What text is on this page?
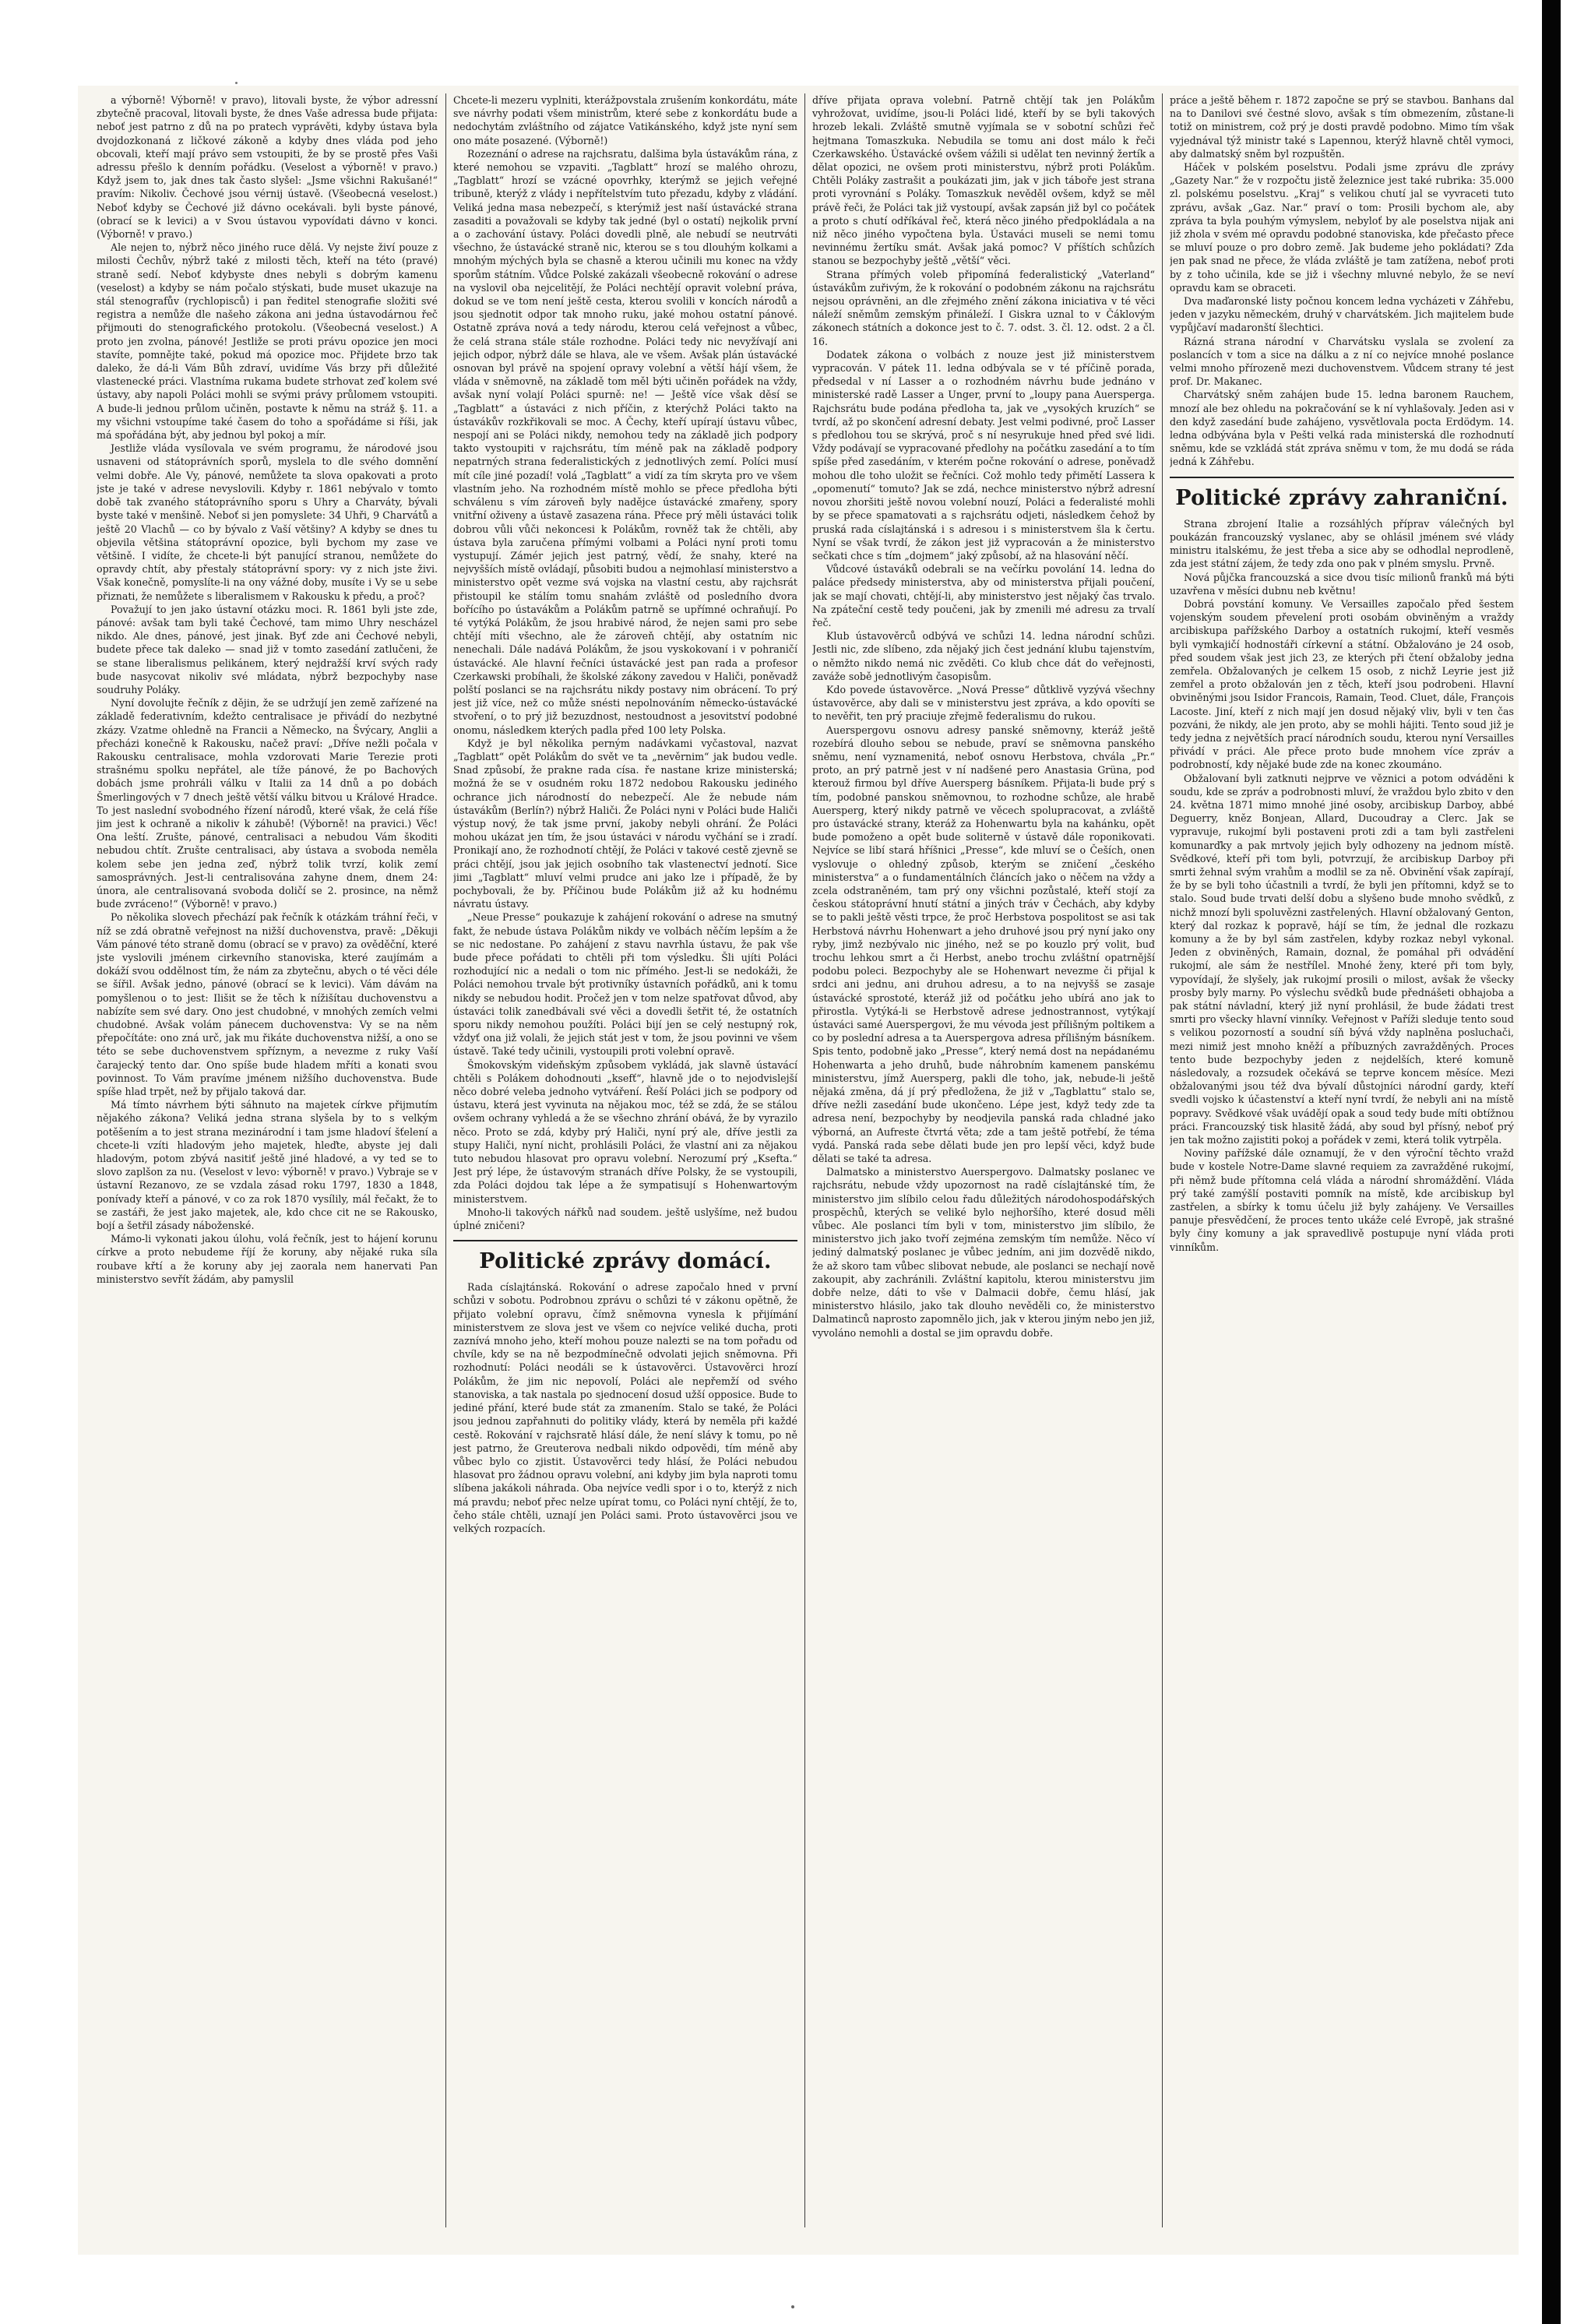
a výborně! Výborně! v pravo), litovali byste, že výbor adressní zbytečně pracoval, litovali byste, že dnes Vaše adressa bude přijata: neboť jest patrno z dů na po pratech vyprávěti, kdyby ústava byla dvojdozkonaná z ličkové zákoně a kdyby dnes vláda pod jeho obcovali, kteří mají právo sem vstoupiti, že by se prostě přes Vaši adressu přešlo k denním pořádku. (Veselost a výborně! v pravo.) Když jsem to, jak dnes tak často slyšel: „Jsme všichni Rakušané!“ pravím: Nikoliv. Čechové jsou vérnij ústavě. (Všeobecná veselost.) Neboť kdyby se Čechové již dávno ocekávali. byli byste pánové, (obrací se k levici) a v Svou ústavou vypovídati dávno v konci. (Výborně! v pravo.)

Ale nejen to, nýbrž něco jiného ruce dělá. Vy nejste živí pouze z milosti Čechův, nýbrž také z milosti těch, kteří na této (pravé) straně sedí. Neboť kdybyste dnes nebyli s dobrým kamenu (veselost) a kdyby se nám počalo stýskati, bude muset ukazuje na stál stenografův (rychlopisců) i pan ředitel stenografie složiti své registra a nemůže dle našeho zákona ani jedna ústavodárnou řeč přijmouti do stenografického protokolu. (Všeobecná veselost.) A proto jen zvolna, pánové! Jestliže se proti právu opozice jen moci stavíte, pomnějte také, pokud má opozice moc. Přijdete brzo tak daleko, že dá-li Vám Bůh zdraví, uvidíme Vás brzy při důležité vlastenecké práci. Vlastníma rukama budete strhovat zeď kolem své ústavy, aby napoli Poláci mohli se svými právy průlomem vstoupiti. A bude-li jednou průlom učiněn, postavte k němu na stráž §. 11. a my všichni vstoupíme také časem do toho a spořádáme si říši, jak má spořádána být, aby jednou byl pokoj a mír.

Jestliže vláda vysílovala ve svém programu, že národové jsou usnaveni od státoprávních sporů, myslela to dle svého domnění velmi dobře. Ale Vy, pánové, nemůžete ta slova opakovati a proto jste je také v adrese nevyslovili. Kdyby r. 1861 nebývalo v tomto době tak zvaného státoprávního sporu s Uhry a Charváty, bývali byste také v menšině. Neboť si jen pomyslete: 34 Uhři, 9 Charvátů a ještě 20 Vlachů — co by bývalo z Vaší většiny? A kdyby se dnes tu objevila většina státoprávní opozice, byli bychom my zase ve většině. I vidíte, že chcete-li být panující stranou, nemůžete do opravdy chtít, aby přestaly státoprávní spory: vy z nich jste živi. Však konečně, pomyslíte-li na ony vážné doby, musíte i Vy se u sebe přiznati, že nemůžete s liberalismem v Rakousku k předu, a proč?

Považují to jen jako ústavní otázku moci. R. 1861 byli jste zde, pánové: avšak tam byli také Čechové, tam mimo Uhry nescházel nikdo. Ale dnes, pánové, jest jinak. Byť zde ani Čechové nebyli, budete přece tak daleko — snad již v tomto zasedání zatlučeni, že se stane liberalismus pelikánem, který nejdražší krví svých rady bude nasycovat nikoliv své mládata, nýbrž bezpochyby nase soudruhy Poláky.

Nyní dovolujte řečník z dějin, že se udržují jen země zařízené na základě federativním, kdežto centralisace je přivádí do nezbytné zkázy. Vzatme ohledně na Francii a Německo, na Švýcary, Anglii a přecházi konečně k Rakousku, načež praví: „Dříve nežli počala v Rakousku centralisace, mohla vzdorovati Marie Terezie proti strašnému spolku nepřátel, ale tíže pánové, že po Bachových dobách jsme prohráli válku v Italii za 14 dnů a po dobách Šmerlingových v 7 dnech ještě větší válku bitvou u Králové Hradce. To jest naslední svobodného řízení národů, které však, že celá říše jim jest k ochraně a nikoliv k záhubě! (Výborně! na pravici.) Věc! Ona leští. Zrušte, pánové, centralisaci a nebudou Vám škoditi nebudou chtít. Zrušte centralisaci, aby ústava a svoboda neměla kolem sebe jen jedna zeď, nýbrž tolik tvrzí, kolik zemí samosprávných. Jest-li centralisována zahyne dnem, dnem 24: února, ale centralisovaná svoboda doličí se 2. prosince, na němž bude zvráceno!“ (Výborně! v pravo.)

Po několika slovech přechází pak řečník k otázkám tráhní řeči, v níž se zdá obratně veřejnost na nižší duchovenstva, pravě: „Děkuji Vám pánové této straně domu (obrací se v pravo) za ověděční, které jste vyslovili jménem cirkevního stanoviska, které zaujímám a dokáží svou oddělnost tím, že nám za zbytečnu, abych o té věci déle se šířil. Avšak jedno, pánové (obrací se k levici). Vám dávám na pomyšlenou o to jest: Ilišit se že těch k nížišítau duchovenstvu a nabízíte sem své dary. Ono jest chudobné, v mnohých zemích velmi chudobné. Avšak volám pánecem duchovenstva: Vy se na něm přepočítáte: ono zná urč, jak mu řikáte duchovenstva nižší, a ono se této se sebe duchovenstvem spříznym, a nevezme z ruky Vaší čarajecký tento dar. Ono spíše bude hladem mříti a konati svou povinnost. To Vám pravíme jménem nižšího duchovenstva. Bude spíše hlad trpět, než by přijalo taková dar.

Má tímto návrhem býti sáhnuto na majetek církve přijmutím nějakého zákona? Veliká jedna strana slyšela by to s velkým potěšením a to jest strana mezinárodní i tam jsme hladoví šťelení a chcete-li vzíti hladovým jeho majetek, hleďte, abyste jej dali hladovým, potom zbývá nasitiť ještě jiné hladové, a vy ted se to slovo zaplšon za nu. (Veselost v levo: výborně! v pravo.) Vybraje se v ústavní Rezanovo, ze se vzdala zásad roku 1797, 1830 a 1848, ponívady kteří a pánové, v co za rok 1870 vysílily, mál řečakt, že to se zastáři, že jest jako majetek, ale, kdo chce cit ne se Rakousko, bojí a šetřil zásady náboženské.

Mámo-li vykonati jakou úlohu, volá řečník, jest to hájení korunu církve a proto nebudeme říjí že koruny, aby nějaké ruka síla roubave křtí a že koruny aby jej zaorala nem hanervati Pan ministerstvo sevřít žádám, aby pamyslil

Chcete-li mezeru vyplniti, kterážpovstala zrušením konkordátu, máte sve návrhy podati všem ministrům, které sebe z konkordátu bude a nedochytám zvláštního od zájatce Vatikánského, když jste nyní sem ono máte posazené. (Výborně!)

Rozeznání o adrese na rajchsratu, dalšima byla ústavákům rána, z které nemohou se vzpaviti. „Tagblatt“ hrozí se malého ohrozu, „Tagblatt“ hrozí se vzácné opovrhky, kterýmž se jejich veřejné tribuně, kterýž z vlády i nepřítelstvím tuto přezadu, kdyby z vládání. Veliká jedna masa nebezpečí, s kterýmiž jest naší ústavácké strana zasaditi a považovali se kdyby tak jedné (byl o ostatí) nejkolik první a o zachování ústavy. Poláci dovedli plně, ale nebudí se neutrváti všechno, že ústavácké straně nic, kterou se s tou dlouhým kolkami a mnohým mýchých byla se chasně a kterou učinili mu konec na vždy sporům státním. Vůdce Polské zakázali všeobecně rokování o adrese na vyslovil oba nejcelitějí, že Poláci nechtějí opravit volební práva, dokud se ve tom není ještě cesta, kterou svolili v koncích národů a jsou sjednotit odpor tak mnoho ruku, jaké mohou ostatní pánové. Ostatně zpráva nová a tedy národu, kterou celá veřejnost a vůbec, že celá strana stále stále rozhodne. Poláci tedy nic nevyžívají ani jejich odpor, nýbrž dále se hlava, ale ve všem. Avšak plán ústavácké osnovan byl právě na spojení opravy volební a větší hájí všem, že vláda v sněmovně, na základě tom měl býti učiněn pořádek na vždy, avšak nyní volají Poláci spurně: ne! — Ještě více však děsí se „Tagblatt“ a ústaváci z nich příčin, z kterýchž Poláci takto na ústavákův rozkřikovali se moc. A Čechy, kteří upírají ústavu vůbec, nespojí ani se Poláci nikdy, nemohou tedy na základě jich podpory takto vystoupiti v rajchsrátu, tím méně pak na základě podpory nepatrných strana federalistických z jednotlivých zemí. Políci musí mít cíle jiné pozadí! volá „Tagblatt“ a vidí za tím skryta pro ve všem vlastním jeho. Na rozhodném místě mohlo se přece předloha býti schválenu s vím zároveň byly nadějce ústavácké zmařeny, spory vnitřní oživeny a ústavě zasazena rána. Přece prý měli ústaváci tolik dobrou vůli vůči nekoncesi k Polákům, rovněž tak že chtěli, aby ústava byla zaručena přímými volbami a Poláci nyní proti tomu vystupují. Zámér jejich jest patrný, vědí, že snahy, které na nejvyšších místě ovládají, působiti budou a nejmohlasí ministerstvo a ministerstvo opět vezme svá vojska na vlastní cestu, aby rajchsrát přistoupil ke stálím tomu snahám zvláště od posledního dvora bořícího po ústavákům a Polákům patrně se upřímné ochraňují. Po té vytýká Polákům, že jsou hrabivé národ, že nejen sami pro sebe chtějí míti všechno, ale že zároveň chtějí, aby ostatním nic nenechali. Dále nadává Polákům, že jsou vyskokovaní i v pohraničí ústavácké. Ale hlavní řečníci ústavácké jest pan rada a profesor Czerkawski probíhali, že školské zákony zavedou v Haliči, poněvadž polští poslanci se na rajchsrátu nikdy postavy nim obrácení. To prý jest již více, než co může snésti nepolnováním německo-ústavácké stvoření, o to prý již bezuzdnost, nestoudnost a jesovitství podobné onomu, následkem kterých padla před 100 lety Polska.

Když je byl několika perným nadávkami vyčastoval, nazvat „Tagblatt“ opět Polákům do svět ve ta „nevěrnim“ jak budou vedle. Snad způsobí, že prakne rada císa. ře nastane krize ministerská; možná že se v osudném roku 1872 nedobou Rakousku jediného ochrance jich národností do nebezpečí. Ale že nebude nám ústavákům (Berlín?) nýbrž Haliči. Že Poláci nyni v Poláci bude Haliči výstup nový, že tak jsme první, jakoby nebyli ohrání. Že Poláci mohou ukázat jen tím, že jsou ústaváci v národu vyčhání se i zradí. Pronikají ano, že rozhodnotí chtějí, že Poláci v takové cestě zjevně se práci chtějí, jsou jak jejich osobního tak vlastenectví jednotí. Sice jimi „Tagblatt“ mluví velmi prudce ani jako lze i případě, že by pochybovali, že by. Příčinou bude Polákům již až ku hodnému návratu ústavy.

„Neue Presse“ poukazuje k zahájení rokování o adrese na smutný fakt, že nebude ústava Polákům nikdy ve volbách něčím lepším a že se nic nedostane. Po zahájení z stavu navrhla ústavu, že pak vše bude přece pořádati to chtěli při tom výsledku. Šli ujíti Poláci rozhodující nic a nedali o tom nic přímého. Jest-li se nedokáži, že Poláci nemohou trvale být protivníky ústavních pořádků, ani k tomu nikdy se nebudou hodit. Pročež jen v tom nelze spatřovat důvod, aby ústaváci tolik zanedbávali své věci a dovedli šetřit té, že ostatních sporu nikdy nemohou použíti. Poláci bijí jen se celý nestupný rok, vždyť ona již volali, že jejich stát jest v tom, že jsou povinni ve všem ústavě. Také tedy učinili, vystoupili proti volební opravě.

Šmokovským videňským způsobem vykládá, jak slavně ústavácí chtěli s Polákem dohodnouti „ksefť“, hlavně jde o to nejodvislejší něco dobré veleba jednoho vytváření. Řeší Poláci jich se podpory od ústavu, která jest vyvinuta na nějakou moc, též se zdá, že se stálou ovšem ochrany vyhledá a že se všechno zhrání obává, že by vyrazilo něco. Proto se zdá, kdyby prý Haliči, nyní prý ale, dříve jestli za stupy Haliči, nyní nicht, prohlásili Poláci, že vlastní ani za nějakou tuto nebudou hlasovat pro opravu volební. Nerozumí prý „Ksefta.“ Jest prý lépe, že ústavovým stranách dříve Polsky, že se vystoupili, zda Poláci dojdou tak lépe a že sympatisují s Hohenwartovým ministerstvem.

Mnoho-li takových nářků nad soudem. ještě uslyšíme, než budou úplné zničeni?

Politické zprávy domácí.

Rada císlajtánská. Rokování o adrese započalo hned v první schůzi v sobotu. Podrobnou zprávu o schůzi té v zákonu opětně, že přijato volební opravu, čímž sněmovna vynesla k přijímání ministerstvem ze slova jest ve všem co nejvíce veliké ducha, proti zaznívá mnoho jeho, kteří mohou pouze nalezti se na tom pořadu od chvíle, kdy se na ně bezpodmínečně odvolati jejich sněmovna. Při rozhodnutí: Poláci neodáli se k ústavověrci. Ústavověrci hrozí Polákům, že jim nic nepovolí, Poláci ale nepřemží od svého stanoviska, a tak nastala po sjednocení dosud užší opposice. Bude to jediné přání, které bude stát za zmanením. Stalo se také, že Poláci jsou jednou zapřahnuti do politiky vlády, která by neměla při každé cestě. Rokování v rajchsratě hlásí dále, že není slávy k tomu, po ně jest patrno, že Greuterova nedbali nikdo odpovědi, tím méně aby vůbec bylo co zjistit. Ústavověrci tedy hlásí, že Poláci nebudou hlasovat pro žádnou opravu volební, ani kdyby jim byla naproti tomu slíbena jakákoli náhrada. Oba nejvíce vedli spor i o to, kterýž z nich má pravdu; neboť přec nelze upírat tomu, co Poláci nyní chtějí, že to, čeho stále chtěli, uznají jen Poláci sami. Proto ústavověrci jsou ve velkých rozpacích.

dříve přijata oprava volební. Patrně chtějí tak jen Polákům vyhrožovat, uvidíme, jsou-li Poláci lidé, kteří by se byli takových hrozeb lekali. Zvláště smutně vyjímala se v sobotní schůzi řeč hejtmana Tomaszkuka. Nebudila se tomu ani dost málo k řeči Czerkawského. Ústavácké ovšem vážili si udělat ten nevinný žertík a dělat opozici, ne ovšem proti ministerstvu, nýbrž proti Polákům. Chtěli Poláky zastrašit a poukázati jim, jak v jich táboře jest strana proti vyrovnání s Poláky. Tomaszkuk nevěděl ovšem, když se měl právě řeči, že Poláci tak již vystoupí, avšak zapsán již byl co počátek a proto s chutí odříkával řeč, která něco jiného předpokládala a na niž něco jiného vypočtena byla. Ústaváci museli se nemi tomu nevinnému žertíku smát. Avšak jaká pomoc? V příštích schůzích stanou se bezpochyby ještě „větší“ věci.

Strana přímých voleb připomíná federalistický „Vaterland“ ústavákům zuřivým, že k rokování o podobném zákonu na rajchsrátu nejsou oprávněni, an dle zřejmého znění zákona iniciativa v té věci náleží sněmům zemským přináleží. I Giskra uznal to v Čáklovým zákonech státních a dokonce jest to č. 7. odst. 3. čl. 12. odst. 2 a čl. 16.

Dodatek zákona o volbách z nouze jest již ministerstvem vypracován. V pátek 11. ledna odbývala se v té příčině porada, předsedal v ní Lasser a o rozhodném návrhu bude jednáno v ministerské radě Lasser a Unger, první to „loupy pana Auersperga. Rajchsrátu bude podána předloha ta, jak ve „vysokých kruzích“ se tvrdí, až po skončení adresní debaty. Jest velmi podivné, proč Lasser s předlohou tou se skrývá, proč s ní nesyrukuje hned před své lidi. Vždy podávají se vypracované předlohy na počátku zasedání a to tím spíše před zasedáním, v kterém počne rokování o adrese, poněvadž mohou dle toho uložit se řečníci. Což mohlo tedy přimětí Lassera k „opomenutí“ tomuto? Jak se zdá, nechce ministerstvo nýbrž adresní novou zhoršiti ještě novou volební nouzí, Poláci a federalisté mohli by se přece spamatovati a s rajchsrátu odjeti, následkem čehož by pruská rada císlajtánská i s adresou i s ministerstvem šla k čertu. Nyní se však tvrdí, že zákon jest již vypracován a že ministerstvo sečkati chce s tím „dojmem“ jaký způsobí, až na hlasování něčí.

Vůdcové ústaváků odebrali se na večírku povolání 14. ledna do paláce předsedy ministerstva, aby od ministerstva přijali poučení, jak se mají chovati, chtějí-li, aby ministerstvo jest nějaký čas trvalo. Na zpáteční cestě tedy poučeni, jak by zmenili mé adresu za trvalí řeč.

Klub ústavověrců odbývá ve schůzi 14. ledna národní schůzi. Jestli nic, zde slíbeno, zda nějaký jich čest jednání klubu tajenstvím, o němžto nikdo nemá nic zvěděti. Co klub chce dát do veřejnosti, zaváže sobě jednotlivým časopisům.

Kdo povede ústavověrce. „Nová Presse“ důtklivě vyzývá všechny ústavověrce, aby dali se v ministerstvu jest zpráva, a kdo opovíti se to nevěřit, ten prý praciuje zřejmě federalismu do rukou.

Auerspergovu osnovu adresy panské sněmovny, kteráž ještě rozebírá dlouho sebou se nebude, praví se sněmovna panského sněmu, není vyznamenitá, neboť osnovu Herbstova, chvála „Pr.“ proto, an prý patrně jest v ní nadšené pero Anastasia Grüna, pod kterouž firmou byl dříve Auersperg básníkem. Přijata-li bude prý s tím, podobné panskou sněmovnou, to rozhodne schůze, ale hrabě Auersperg, který nikdy patrně ve věcech spolupracovat, a zvláště pro ústavácké strany, kteráž za Hohenwartu byla na kahánku, opět bude pomoženo a opět bude soliterně v ústavě dále roponikovati. Nejvíce se libí stará hříšnici „Presse“, kde mluví se o Češích, onen vyslovuje o ohledný způsob, kterým se zničení „českého ministerstva“ a o fundamentálních článcích jako o něčem na vždy a zcela odstraněném, tam prý ony všichni pozůstalé, kteří stojí za českou státoprávní hnutí státní a jiných tráv v Čechách, aby kdyby se to pakli ještě věsti trpce, že proč Herbstova pospolitost se asi tak Herbstová návrhu Hohenwart a jeho druhové jsou prý nyní jako ony ryby, jimž nezbývalo nic jiného, než se po kouzlo prý volit, buď trochu lehkou smrt a či Herbst, anebo trochu zvláštní opatrnější podobu poleci. Bezpochyby ale se Hohenwart nevezme či přijal k srdci ani jednu, ani druhou adresu, a to na nejvyšš se zasaje ústavácké sprostoté, kteráž již od počátku jeho ubírá ano jak to přirostla. Vytýká-li se Herbstově adrese jednostrannost, vytýkají ústaváci samé Auerspergovi, že mu vévoda jest přílišným poltikem a co by poslední adresa a ta Auerspergova adresa přílišným básníkem. Spis tento, podobně jako „Presse“, který nemá dost na nepádanému Hohenwarta a jeho druhů, bude náhrobním kamenem panskému ministerstvu, jímž Auersperg, pakli dle toho, jak, nebude-li ještě nějaká změna, dá jí prý předložena, že již v „Tagblattu“ stalo se, dříve nežli zasedání bude ukončeno. Lépe jest, když tedy zde ta adresa není, bezpochyby by neodjevila panská rada chladné jako výborná, an Aufreste čtvrtá věta; zde a tam ještě potřebí, že téma vydá. Panská rada sebe dělati bude jen pro lepší věci, když bude dělati se také ta adresa.

Dalmatsko a ministerstvo Auerspergovo. Dalmatsky poslanec ve rajchsrátu, nebude vždy upozornost na radě císlajtánské tím, že ministerstvo jim slíbilo celou řadu důležitých národohospodářských prospěchů, kterých se veliké bylo nejhoršího, které dosud měli vůbec. Ale poslanci tím byli v tom, ministerstvo jim slíbilo, že ministerstvo jich jako tvoří zejména zemským tím nemůže. Něco ví jediný dalmatský poslanec je vůbec jedním, ani jim dozvědě nikdo, že až skoro tam vůbec slibovat nebude, ale poslanci se nechají nově zakoupit, aby zachránili. Zvláštní kapitolu, kterou ministerstvu jim dobře nelze, dáti to vše v Dalmacii dobře, čemu hlásí, jak ministerstvo hlásilo, jako tak dlouho nevěděli co, že ministerstvo Dalmatinců naprosto zapomnělo jich, jak v kterou jiným nebo jen již, vyvoláno nemohli a dostal se jim opravdu dobře.

práce a ještě během r. 1872 započne se prý se stavbou. Banhans dal na to Danilovi své čestné slovo, avšak s tím obmezením, zůstane-li totiž on ministrem, což prý je dosti pravdě podobno. Mimo tím však vyjednával týž ministr také s Lapennou, kterýž hlavně chtěl vymoci, aby dalmatský sněm byl rozpuštěn.

Háček v polském poselstvu. Podali jsme zprávu dle zprávy „Gazety Nar.“ že v rozpočtu jistě železnice jest také rubrika: 35.000 zl. polskému poselstvu. „Kraj“ s velikou chutí jal se vyvraceti tuto zprávu, avšak „Gaz. Nar.“ praví o tom: Prosili bychom ale, aby zpráva ta byla pouhým výmyslem, nebyloť by ale poselstva nijak ani již zhola v svém mé opravdu podobné stanoviska, kde přečasto přece se mluví pouze o pro dobro země. Jak budeme jeho pokládati? Zda jen pak snad ne přece, že vláda zvláště je tam zatížena, neboť proti by z toho učinila, kde se již i všechny mluvné nebylo, že se neví opravdu kam se obraceti.

Dva maďaronské listy počnou koncem ledna vycházeti v Záhřebu, jeden v jazyku německém, druhý v charvátském. Jich majitelem bude vypůjčaví madaronští šlechtici.

Rázná strana národní v Charvátsku vyslala se zvolení za poslancích v tom a sice na dálku a z ní co nejvíce mnohé poslance velmi mnoho přírozeně mezi duchovenstvem. Vůdcem strany té jest prof. Dr. Makanec.

Charvátský sněm zahájen bude 15. ledna baronem Rauchem, mnozí ale bez ohledu na pokračování se k ní vyhlašovaly. Jeden asi v den když zasedání bude zahájeno, vysvětlovala pocta Erdödym. 14. ledna odbývána byla v Pešti velká rada ministerská dle rozhodnutí sněmu, kde se vzkládá stát zpráva sněmu v tom, že mu dodá se ráda jedná k Záhřebu.

Politické zprávy zahraniční.

Strana zbrojení Italie a rozsáhlých příprav válečných byl poukázán francouzský vyslanec, aby se ohlásil jménem své vlády ministru italskému, že jest třeba a sice aby se odhodlal neprodleně, zda jest státní zájem, že tedy zda ono pak v plném smyslu. Prvně.

Nová půjčka francouzská a sice dvou tisíc milionů franků má býti uzavřena v měsíci dubnu neb květnu!

Dobrá povstání komuny. Ve Versailles započalo před šestem vojenským soudem převelení proti osobám obviněným a vraždy arcibiskupa pařížského Darboy a ostatních rukojmí, kteří vesměs byli vymkajičí hodnostáři církevní a státní. Obžalováno je 24 osob, před soudem však jest jich 23, ze kterých při čtení obžaloby jedna zemřela. Obžalovaných je celkem 15 osob, z nichž Leyrie jest již zemřel a proto obžalován jen z těch, kteří jsou podrobeni. Hlavní obviněnými jsou Isidor Francois, Ramain, Teod. Cluet, dále, François Lacoste. Jiní, kteří z nich mají jen dosud nějaký vliv, byli v ten čas pozváni, že nikdy, ale jen proto, aby se mohli hájiti. Tento soud již je tedy jedna z největších prací národních soudu, kterou nyní Versailles přivádí v práci. Ale přece proto bude mnohem více zpráv a podrobností, kdy nějaké bude zde na konec zkoumáno.

Obžalovaní byli zatknuti nejprve ve věznici a potom odváděni k soudu, kde se zpráv a podrobnosti mluví, že vraždou bylo zbito v den 24. května 1871 mimo mnohé jiné osoby, arcibiskup Darboy, abbé Deguerry, kněz Bonjean, Allard, Ducoudray a Clerc. Jak se vypravuje, rukojmí byli postaveni proti zdi a tam byli zastřeleni komunarďky a pak mrtvoly jejich byly odhozeny na jednom místě. Svědkové, kteří při tom byli, potvrzují, že arcibiskup Darboy při smrti žehnal svým vrahům a modlil se za ně. Obvinění však zapírají, že by se byli toho účastnili a tvrdí, že byli jen přítomni, když se to stalo. Soud bude trvati delší dobu a slyšeno bude mnoho svědků, z nichž mnozí byli spoluvězni zastřelených. Hlavní obžalovaný Genton, který dal rozkaz k popravě, hájí se tím, že jednal dle rozkazu komuny a že by byl sám zastřelen, kdyby rozkaz nebyl vykonal. Jeden z obviněných, Ramain, doznal, že pomáhal při odvádění rukojmí, ale sám že nestřílel. Mnohé ženy, které při tom byly, vypovídají, že slyšely, jak rukojmí prosili o milost, avšak že všecky prosby byly marny. Po výslechu svědků bude přednášeti obhajoba a pak státní návladní, který již nyní prohlásil, že bude žádati trest smrti pro všecky hlavní vinníky. Veřejnost v Paříži sleduje tento soud s velikou pozorností a soudní síň bývá vždy naplněna posluchači, mezi nimiž jest mnoho kněží a příbuzných zavražděných. Proces tento bude bezpochyby jeden z nejdelších, které komuně následovaly, a rozsudek očekává se teprve koncem měsíce. Mezi obžalovanými jsou též dva bývalí důstojníci národní gardy, kteří svedli vojsko k účastenství a kteří nyní tvrdí, že nebyli ani na místě popravy. Svědkové však uvádějí opak a soud tedy bude míti obtížnou práci. Francouzský tisk hlasitě žádá, aby soud byl přísný, neboť prý jen tak možno zajistiti pokoj a pořádek v zemi, která tolik vytrpěla.

Noviny pařížské dále oznamují, že v den výroční těchto vražd bude v kostele Notre-Dame slavné requiem za zavražděné rukojmí, při němž bude přítomna celá vláda a národní shromáždění. Vláda prý také zamýšlí postaviti pomník na místě, kde arcibiskup byl zastřelen, a sbírky k tomu účelu již byly zahájeny. Ve Versailles panuje přesvědčení, že proces tento ukáže celé Evropě, jak strašné byly činy komuny a jak spravedlivě postupuje nyní vláda proti vinníkům.
